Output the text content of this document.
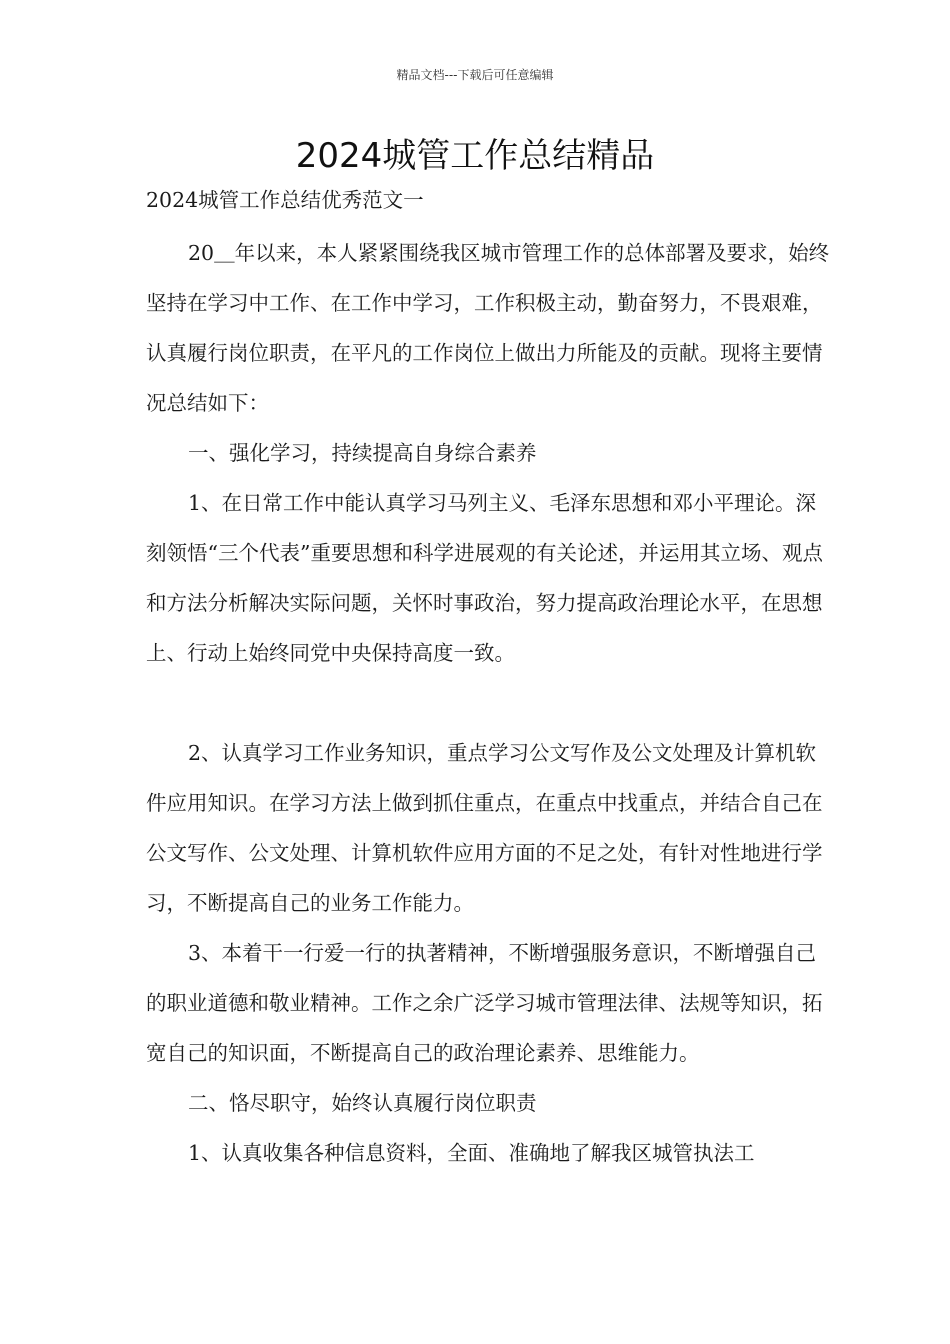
精品文档---下载后可任意编辑
2024城管工作总结精品

2024城管工作总结优秀范文一

20＿年以来，本人紧紧围绕我区城市管理工作的总体部署及要求，始终坚持在学习中工作、在工作中学习，工作积极主动，勤奋努力，不畏艰难，认真履行岗位职责，在平凡的工作岗位上做出力所能及的贡献。现将主要情况总结如下：

一、强化学习，持续提高自身综合素养

1、在日常工作中能认真学习马列主义、毛泽东思想和邓小平理论。深刻领悟“三个代表”重要思想和科学进展观的有关论述，并运用其立场、观点和方法分析解决实际问题，关怀时事政治，努力提高政治理论水平，在思想上、行动上始终同党中央保持高度一致。

2、认真学习工作业务知识，重点学习公文写作及公文处理及计算机软件应用知识。在学习方法上做到抓住重点，在重点中找重点，并结合自己在公文写作、公文处理、计算机软件应用方面的不足之处，有针对性地进行学习，不断提高自己的业务工作能力。

3、本着干一行爱一行的执著精神，不断增强服务意识，不断增强自己的职业道德和敬业精神。工作之余广泛学习城市管理法律、法规等知识，拓宽自己的知识面，不断提高自己的政治理论素养、思维能力。

二、恪尽职守，始终认真履行岗位职责

1、认真收集各种信息资料，全面、准确地了解我区城管执法工
